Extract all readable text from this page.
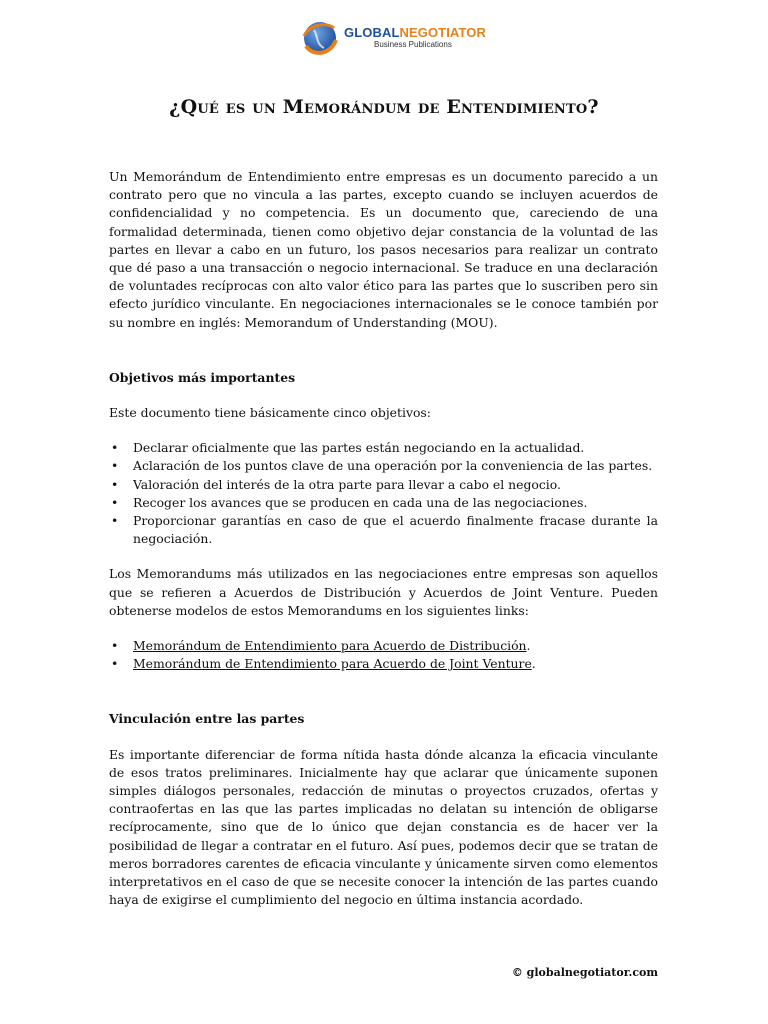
GLOBALNEGOTIATOR
Business Publications
¿Qué es un Memorándum de Entendimiento?

Un Memorándum de Entendimiento entre empresas es un documento parecido a un contrato pero que no vincula a las partes, excepto cuando se incluyen acuerdos de confidencialidad y no competencia. Es un documento que, careciendo de una formalidad determinada, tienen como objetivo dejar constancia de la voluntad de las partes en llevar a cabo en un futuro, los pasos necesarios para realizar un contrato que dé paso a una transacción o negocio internacional. Se traduce en una declaración de voluntades recíprocas con alto valor ético para las partes que lo suscriben pero sin efecto jurídico vinculante. En negociaciones internacionales se le conoce también por su nombre en inglés: Memorandum of Understanding (MOU).

Objetivos más importantes

Este documento tiene básicamente cinco objetivos:

• Declarar oficialmente que las partes están negociando en la actualidad.
• Aclaración de los puntos clave de una operación por la conveniencia de las partes.
• Valoración del interés de la otra parte para llevar a cabo el negocio.
• Recoger los avances que se producen en cada una de las negociaciones.
• Proporcionar garantías en caso de que el acuerdo finalmente fracase durante la negociación.

Los Memorandums más utilizados en las negociaciones entre empresas son aquellos que se refieren a Acuerdos de Distribución y Acuerdos de Joint Venture. Pueden obtenerse modelos de estos Memorandums en los siguientes links:

• Memorándum de Entendimiento para Acuerdo de Distribución.
• Memorándum de Entendimiento para Acuerdo de Joint Venture.

Vinculación entre las partes

Es importante diferenciar de forma nítida hasta dónde alcanza la eficacia vinculante de esos tratos preliminares. Inicialmente hay que aclarar que únicamente suponen simples diálogos personales, redacción de minutas o proyectos cruzados, ofertas y contraofertas en las que las partes implicadas no delatan su intención de obligarse recíprocamente, sino que de lo único que dejan constancia es de hacer ver la posibilidad de llegar a contratar en el futuro. Así pues, podemos decir que se tratan de meros borradores carentes de eficacia vinculante y únicamente sirven como elementos interpretativos en el caso de que se necesite conocer la intención de las partes cuando haya de exigirse el cumplimiento del negocio en última instancia acordado.

© globalnegotiator.com
